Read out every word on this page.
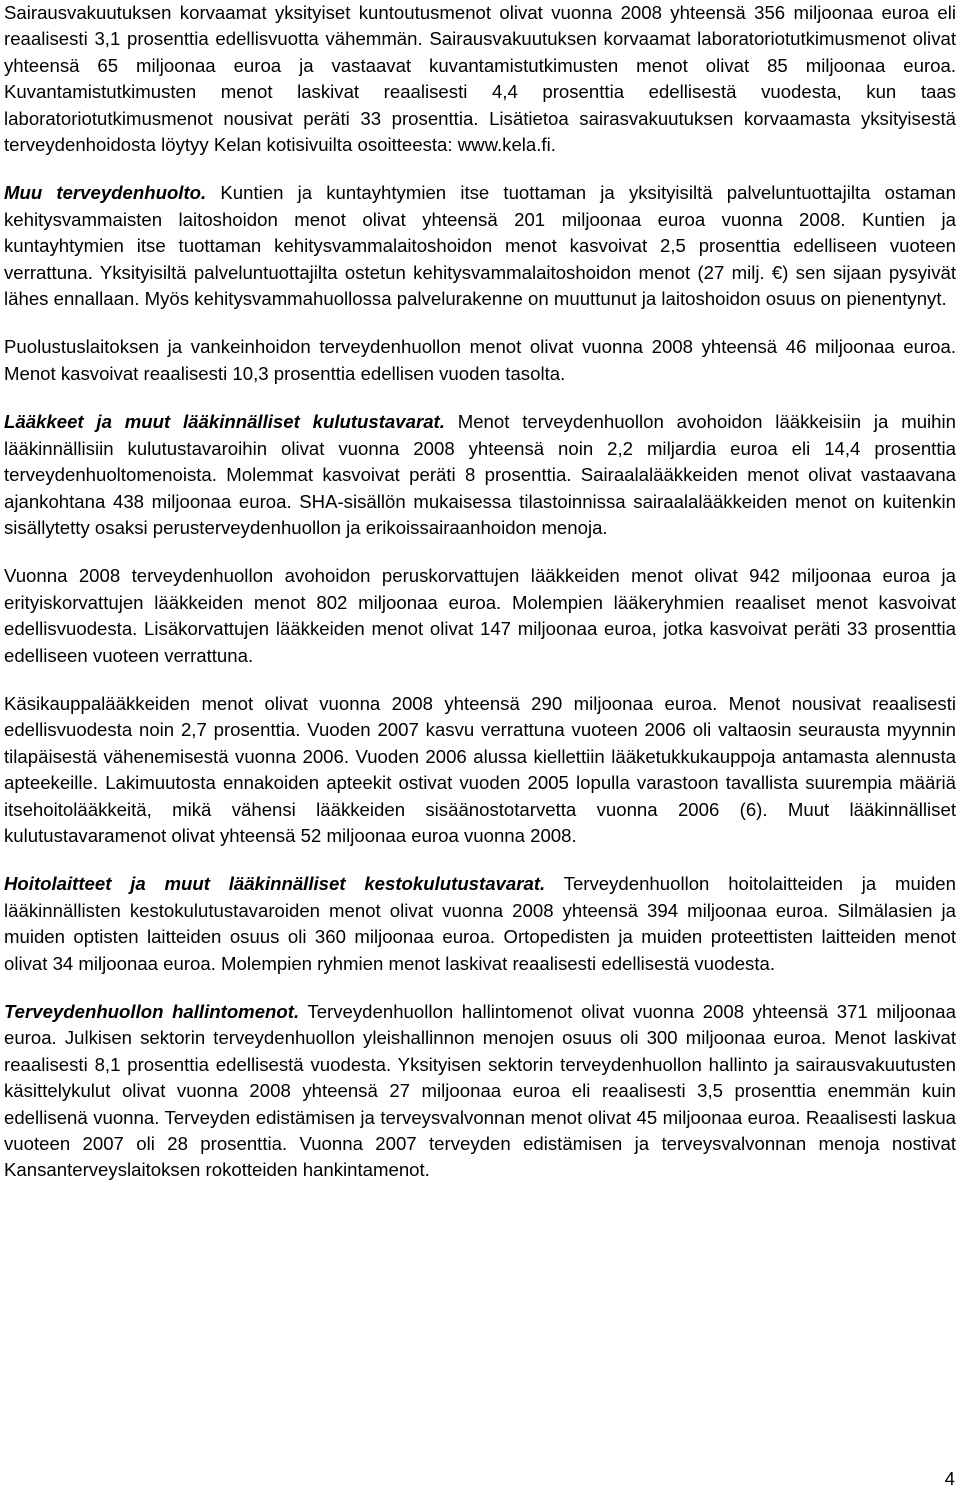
Sairausvakuutuksen korvaamat yksityiset kuntoutusmenot olivat vuonna 2008 yhteensä 356 miljoonaa euroa eli reaalisesti 3,1 prosenttia edellisvuotta vähemmän. Sairausvakuutuksen korvaamat laboratoriotutkimusmenot olivat yhteensä 65 miljoonaa euroa ja vastaavat kuvantamistutkimusten menot olivat 85 miljoonaa euroa. Kuvantamistutkimusten menot laskivat reaalisesti 4,4 prosenttia edellisestä vuodesta, kun taas laboratoriotutkimusmenot nousivat peräti 33 prosenttia. Lisätietoa sairasvakuutuksen korvaamasta yksityisestä terveydenhoidosta löytyy Kelan kotisivuilta osoitteesta: www.kela.fi.

Muu terveydenhuolto. Kuntien ja kuntayhtymien itse tuottaman ja yksityisiltä palveluntuottajilta ostaman kehitysvammaisten laitoshoidon menot olivat yhteensä 201 miljoonaa euroa vuonna 2008. Kuntien ja kuntayhtymien itse tuottaman kehitysvammalaitoshoidon menot kasvoivat 2,5 prosenttia edelliseen vuoteen verrattuna. Yksityisiltä palveluntuottajilta ostetun kehitysvammalaitoshoidon menot (27 milj. €) sen sijaan pysyivät lähes ennallaan. Myös kehitysvammahuollossa palvelurakenne on muuttunut ja laitoshoidon osuus on pienentynyt.

Puolustuslaitoksen ja vankeinhoidon terveydenhuollon menot olivat vuonna 2008 yhteensä 46 miljoonaa euroa. Menot kasvoivat reaalisesti 10,3 prosenttia edellisen vuoden tasolta.

Lääkkeet ja muut lääkinnälliset kulutustavarat. Menot terveydenhuollon avohoidon lääkkeisiin ja muihin lääkinnällisiin kulutustavaroihin olivat vuonna 2008 yhteensä noin 2,2 miljardia euroa eli 14,4 prosenttia terveydenhuoltomenoista. Molemmat kasvoivat peräti 8 prosenttia. Sairaalalääkkeiden menot olivat vastaavana ajankohtana 438 miljoonaa euroa. SHA-sisällön mukaisessa tilastoinnissa sairaalalääkkeiden menot on kuitenkin sisällytetty osaksi perusterveydenhuollon ja erikoissairaanhoidon menoja.

Vuonna 2008 terveydenhuollon avohoidon peruskorvattujen lääkkeiden menot olivat 942 miljoonaa euroa ja erityiskorvattujen lääkkeiden menot 802 miljoonaa euroa. Molempien lääkeryhmien reaaliset menot kasvoivat edellisvuodesta. Lisäkorvattujen lääkkeiden menot olivat 147 miljoonaa euroa, jotka kasvoivat peräti 33 prosenttia edelliseen vuoteen verrattuna.

Käsikauppalääkkeiden menot olivat vuonna 2008 yhteensä 290 miljoonaa euroa. Menot nousivat reaalisesti edellisvuodesta noin 2,7 prosenttia. Vuoden 2007 kasvu verrattuna vuoteen 2006 oli valtaosin seurausta myynnin tilapäisestä vähenemisestä vuonna 2006. Vuoden 2006 alussa kiellettiin lääketukkukauppoja antamasta alennusta apteekeille. Lakimuutosta ennakoiden apteekit ostivat vuoden 2005 lopulla varastoon tavallista suurempia määriä itsehoitolääkkeitä, mikä vähensi lääkkeiden sisäänostotarvetta vuonna 2006 (6). Muut lääkinnälliset kulutustavaramenot olivat yhteensä 52 miljoonaa euroa vuonna 2008.

Hoitolaitteet ja muut lääkinnälliset kestokulutustavarat. Terveydenhuollon hoitolaitteiden ja muiden lääkinnällisten kestokulutustavaroiden menot olivat vuonna 2008 yhteensä 394 miljoonaa euroa. Silmälasien ja muiden optisten laitteiden osuus oli 360 miljoonaa euroa. Ortopedisten ja muiden proteettisten laitteiden menot olivat 34 miljoonaa euroa. Molempien ryhmien menot laskivat reaalisesti edellisestä vuodesta.

Terveydenhuollon hallintomenot. Terveydenhuollon hallintomenot olivat vuonna 2008 yhteensä 371 miljoonaa euroa. Julkisen sektorin terveydenhuollon yleishallinnon menojen osuus oli 300 miljoonaa euroa. Menot laskivat reaalisesti 8,1 prosenttia edellisestä vuodesta. Yksityisen sektorin terveydenhuollon hallinto ja sairausvakuutusten käsittelykulut olivat vuonna 2008 yhteensä 27 miljoonaa euroa eli reaalisesti 3,5 prosenttia enemmän kuin edellisenä vuonna. Terveyden edistämisen ja terveysvalvonnan menot olivat 45 miljoonaa euroa. Reaalisesti laskua vuoteen 2007 oli 28 prosenttia. Vuonna 2007 terveyden edistämisen ja terveysvalvonnan menoja nostivat Kansanterveyslaitoksen rokotteiden hankintamenot.

4
